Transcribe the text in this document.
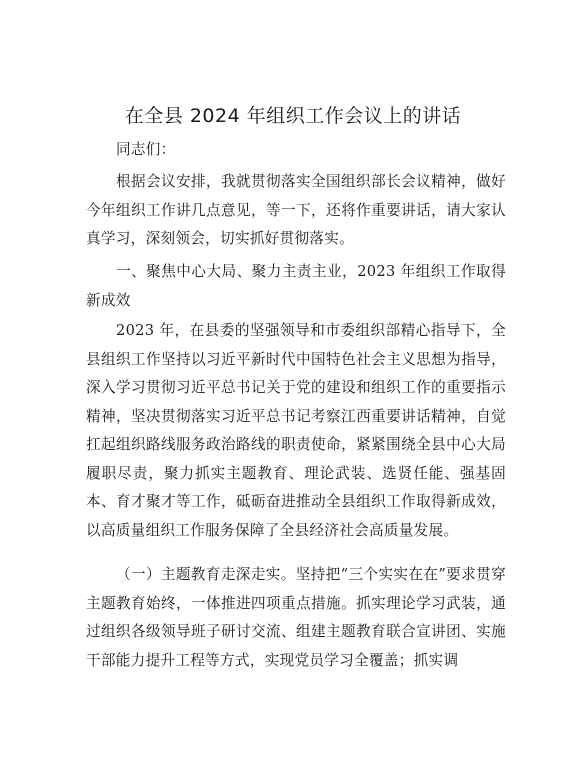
在全县 2024 年组织工作会议上的讲话

同志们：

根据会议安排，我就贯彻落实全国组织部长会议精神，做好今年组织工作讲几点意见，等一下，还将作重要讲话，请大家认真学习，深刻领会，切实抓好贯彻落实。

一、聚焦中心大局、聚力主责主业，2023 年组织工作取得新成效

2023 年，在县委的坚强领导和市委组织部精心指导下，全县组织工作坚持以习近平新时代中国特色社会主义思想为指导，深入学习贯彻习近平总书记关于党的建设和组织工作的重要指示精神，坚决贯彻落实习近平总书记考察江西重要讲话精神，自觉扛起组织路线服务政治路线的职责使命，紧紧围绕全县中心大局履职尽责，聚力抓实主题教育、理论武装、选贤任能、强基固本、育才聚才等工作，砥砺奋进推动全县组织工作取得新成效，以高质量组织工作服务保障了全县经济社会高质量发展。

（一）主题教育走深走实。坚持把“三个实实在在”要求贯穿主题教育始终，一体推进四项重点措施。抓实理论学习武装，通过组织各级领导班子研讨交流、组建主题教育联合宣讲团、实施干部能力提升工程等方式，实现党员学习全覆盖；抓实调
